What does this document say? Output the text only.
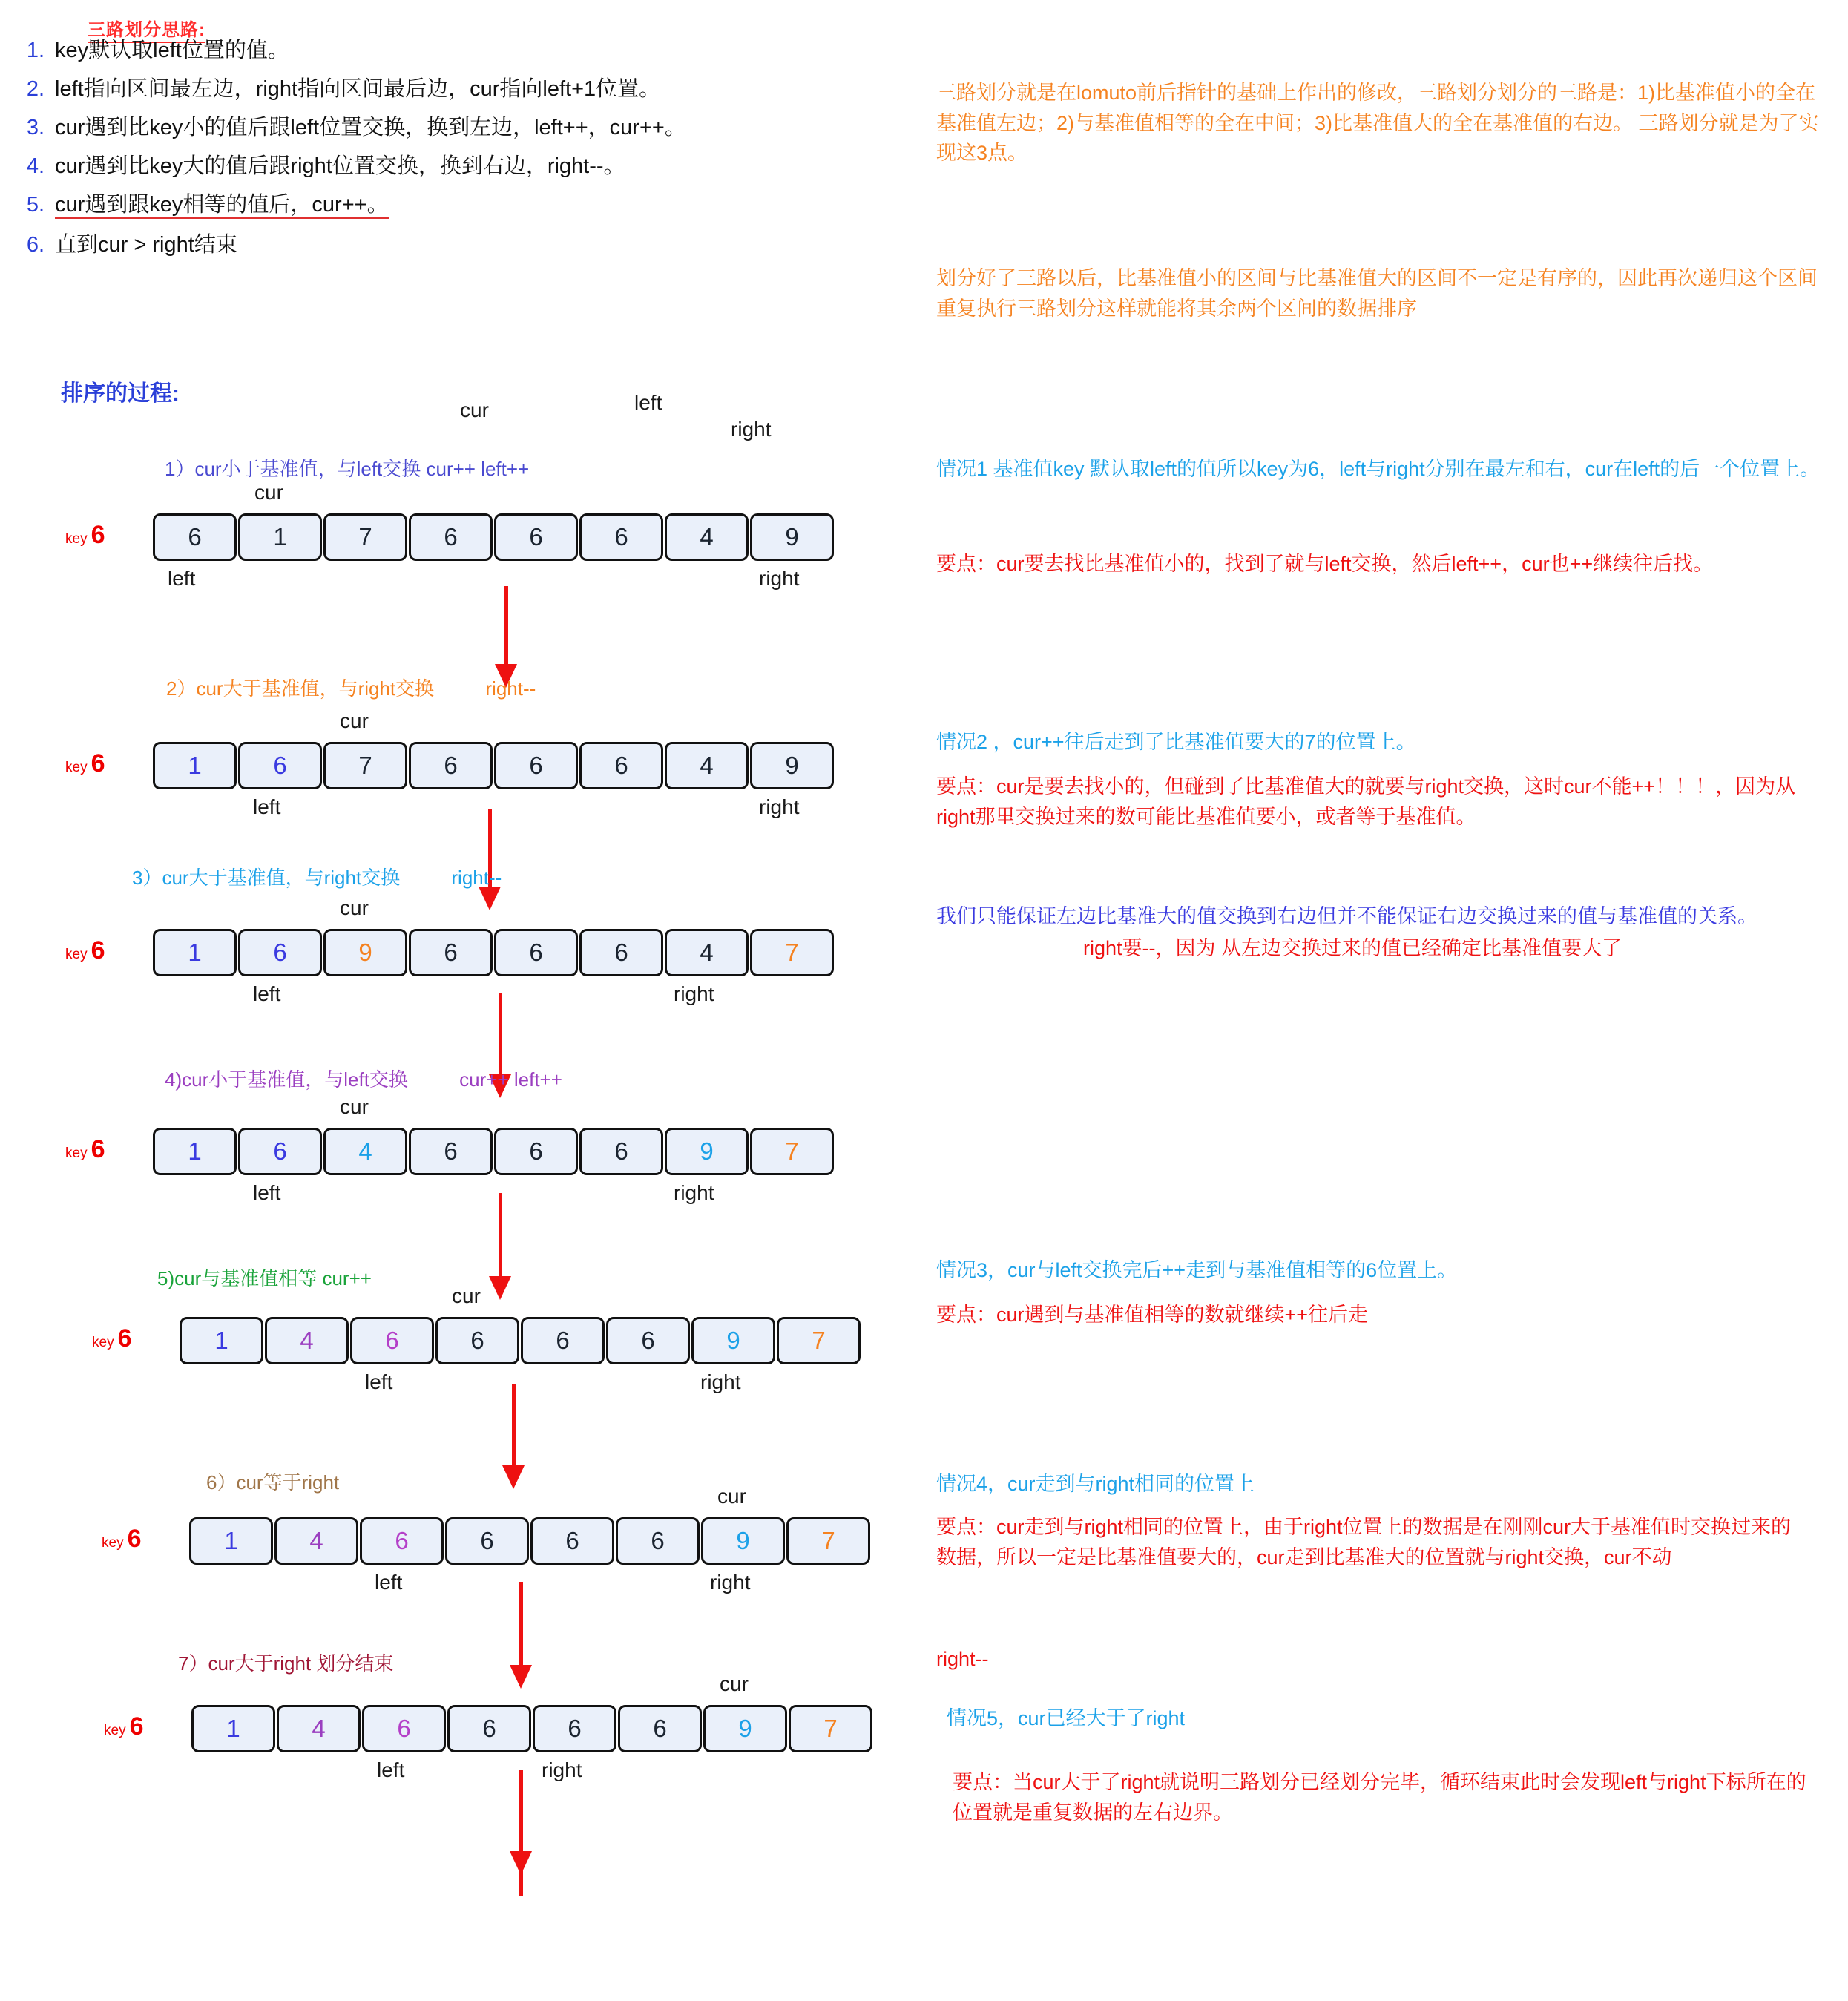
三路划分思路:
1. key默认取left位置的值。
2. left指向区间最左边，right指向区间最后边，cur指向left+1位置。
3. cur遇到比key小的值后跟left位置交换，换到左边，left++，cur++。
4. cur遇到比key大的值后跟right位置交换，换到右边，right--。
5. cur遇到跟key相等的值后，cur++。
6. 直到cur > right结束
排序的过程:
cur	left
right
1）cur小于基准值，与left交换 cur++ left++
key 6	6	1	7	6	6	6	4	9
cur
left	right
2）cur大于基准值，与right交换 right--
key 6	1	6	7	6	6	6	4	9
cur
left	right
3）cur大于基准值，与right交换 right--
key 6	1	6	9	6	6	6	4	7
cur
left	right
4)cur小于基准值，与left交换 cur++ left++
key 6	1	6	4	6	6	6	9	7
cur
left	right
5)cur与基准值相等 cur++
key 6	1	4	6	6	6	6	9	7
cur
left	right
6）cur等于right
key 6	1	4	6	6	6	6	9	7
cur
left	right
7）cur大于right 划分结束
key 6	1	4	6	6	6	6	9	7
cur
left	right
三路划分就是在lomuto前后指针的基础上作出的修改，三路划分划分的三路是：1)比基准值小的全在基准值左边；2)与基准值相等的全在中间；3)比基准值大的全在基准值的右边。 三路划分就是为了实现这3点。
划分好了三路以后，比基准值小的区间与比基准值大的区间不一定是有序的，因此再次递归这个区间重复执行三路划分这样就能将其余两个区间的数据排序
情况1 基准值key 默认取left的值所以key为6，left与right分别在最左和右，cur在left的后一个位置上。
要点：cur要去找比基准值小的，找到了就与left交换，然后left++，cur也++继续往后找。
情况2 ，cur++往后走到了比基准值要大的7的位置上。
要点：cur是要去找小的，但碰到了比基准值大的就要与right交换，这时cur不能++！！！，因为从right那里交换过来的数可能比基准值要小，或者等于基准值。
我们只能保证左边比基准大的值交换到右边但并不能保证右边交换过来的值与基准值的关系。
right要--，因为 从左边交换过来的值已经确定比基准值要大了
情况3，cur与left交换完后++走到与基准值相等的6位置上。
要点：cur遇到与基准值相等的数就继续++往后走
情况4，cur走到与right相同的位置上
要点：cur走到与right相同的位置上，由于right位置上的数据是在刚刚cur大于基准值时交换过来的数据，所以一定是比基准值要大的，cur走到比基准大的位置就与right交换，cur不动
right--
情况5，cur已经大于了right
要点：当cur大于了right就说明三路划分已经划分完毕，循环结束此时会发现left与right下标所在的位置就是重复数据的左右边界。
